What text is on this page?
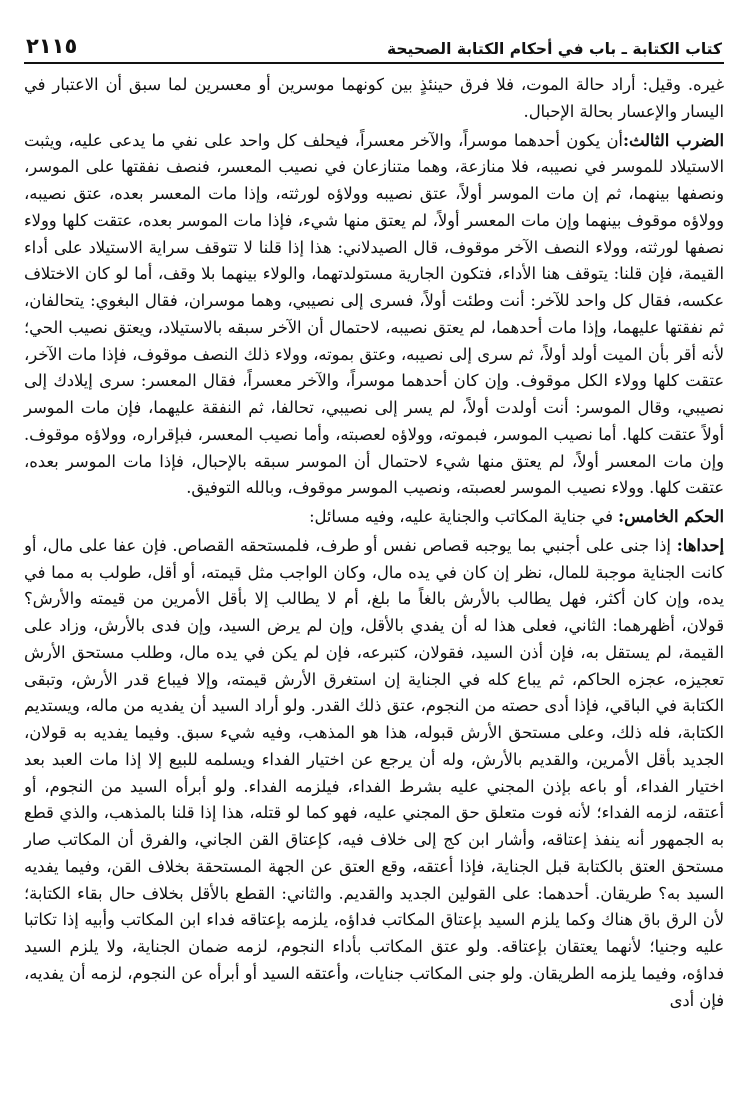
كتاب الكتابة ـ باب في أحكام الكتابة الصحيحة
٢١١٥

غيره. وقيل: أراد حالة الموت، فلا فرق حينئذٍ بين كونهما موسرين أو معسرين لما سبق أن الاعتبار في اليسار والإعسار بحالة الإحبال.

الضرب الثالث:أن يكون أحدهما موسراً، والآخر معسراً، فيحلف كل واحد على نفي ما يدعى عليه، ويثبت الاستيلاد للموسر في نصيبه، فلا منازعة، وهما متنازعان في نصيب المعسر، فنصف نفقتها على الموسر، ونصفها بينهما، ثم إن مات الموسر أولاً، عتق نصيبه وولاؤه لورثته، وإذا مات المعسر بعده، عتق نصيبه، وولاؤه موقوف بينهما وإن مات المعسر أولاً، لم يعتق منها شيء، فإذا مات الموسر بعده، عتقت كلها وولاء نصفها لورثته، وولاء النصف الآخر موقوف، قال الصيدلاني: هذا إذا قلنا لا تتوقف سراية الاستيلاد على أداء القيمة، فإن قلنا: يتوقف هنا الأداء، فتكون الجارية مستولدتهما، والولاء بينهما بلا وقف، أما لو كان الاختلاف عكسه، فقال كل واحد للآخر: أنت وطئت أولاً، فسرى إلى نصيبي، وهما موسران، فقال البغوي: يتحالفان، ثم نفقتها عليهما، وإذا مات أحدهما، لم يعتق نصيبه، لاحتمال أن الآخر سبقه بالاستيلاد، ويعتق نصيب الحي؛ لأنه أقر بأن الميت أولد أولاً، ثم سرى إلى نصيبه، وعتق بموته، وولاء ذلك النصف موقوف، فإذا مات الآخر، عتقت كلها وولاء الكل موقوف. وإن كان أحدهما موسراً، والآخر معسراً، فقال المعسر: سرى إيلادك إلى نصيبي، وقال الموسر: أنت أولدت أولاً، لم يسر إلى نصيبي، تحالفا، ثم النفقة عليهما، فإن مات الموسر أولاً عتقت كلها. أما نصيب الموسر، فبموته، وولاؤه لعصبته، وأما نصيب المعسر، فبإقراره، وولاؤه موقوف. وإن مات المعسر أولاً، لم يعتق منها شيء لاحتمال أن الموسر سبقه بالإحبال، فإذا مات الموسر بعده، عتقت كلها. وولاء نصيب الموسر لعصبته، ونصيب الموسر موقوف، وبالله التوفيق.

الحكم الخامس: في جناية المكاتب والجناية عليه، وفيه مسائل:

إحداها: إذا جنى على أجنبي بما يوجبه قصاص نفس أو طرف، فلمستحقه القصاص. فإن عفا على مال، أو كانت الجناية موجبة للمال، نظر إن كان في يده مال، وكان الواجب مثل قيمته، أو أقل، طولب به مما في يده، وإن كان أكثر، فهل يطالب بالأرش بالغاً ما بلغ، أم لا يطالب إلا بأقل الأمرين من قيمته والأرش؟ قولان، أظهرهما: الثاني، فعلى هذا له أن يفدي بالأقل، وإن لم يرض السيد، وإن فدى بالأرش، وزاد على القيمة، لم يستقل به، فإن أذن السيد، فقولان، كتبرعه، فإن لم يكن في يده مال، وطلب مستحق الأرش تعجيزه، عجزه الحاكم، ثم يباع كله في الجناية إن استغرق الأرش قيمته، وإلا فيباع قدر الأرش، وتبقى الكتابة في الباقي، فإذا أدى حصته من النجوم، عتق ذلك القدر. ولو أراد السيد أن يفديه من ماله، ويستديم الكتابة، فله ذلك، وعلى مستحق الأرش قبوله، هذا هو المذهب، وفيه شيء سبق. وفيما يفديه به قولان، الجديد بأقل الأمرين، والقديم بالأرش، وله أن يرجع عن اختيار الفداء ويسلمه للبيع إلا إذا مات العبد بعد اختيار الفداء، أو باعه بإذن المجني عليه بشرط الفداء، فيلزمه الفداء. ولو أبرأه السيد من النجوم، أو أعتقه، لزمه الفداء؛ لأنه فوت متعلق حق المجني عليه، فهو كما لو قتله، هذا إذا قلنا بالمذهب، والذي قطع به الجمهور أنه ينفذ إعتاقه، وأشار ابن كج إلى خلاف فيه، كإعتاق القن الجاني، والفرق أن المكاتب صار مستحق العتق بالكتابة قبل الجناية، فإذا أعتقه، وقع العتق عن الجهة المستحقة بخلاف القن، وفيما يفديه السيد به؟ طريقان. أحدهما: على القولين الجديد والقديم. والثاني: القطع بالأقل بخلاف حال بقاء الكتابة؛ لأن الرق باق هناك وكما يلزم السيد بإعتاق المكاتب فداؤه، يلزمه بإعتاقه فداء ابن المكاتب وأبيه إذا تكاتبا عليه وجنيا؛ لأنهما يعتقان بإعتاقه. ولو عتق المكاتب بأداء النجوم، لزمه ضمان الجناية، ولا يلزم السيد فداؤه، وفيما يلزمه الطريقان. ولو جنى المكاتب جنايات، وأعتقه السيد أو أبرأه عن النجوم، لزمه أن يفديه، فإن أدى
